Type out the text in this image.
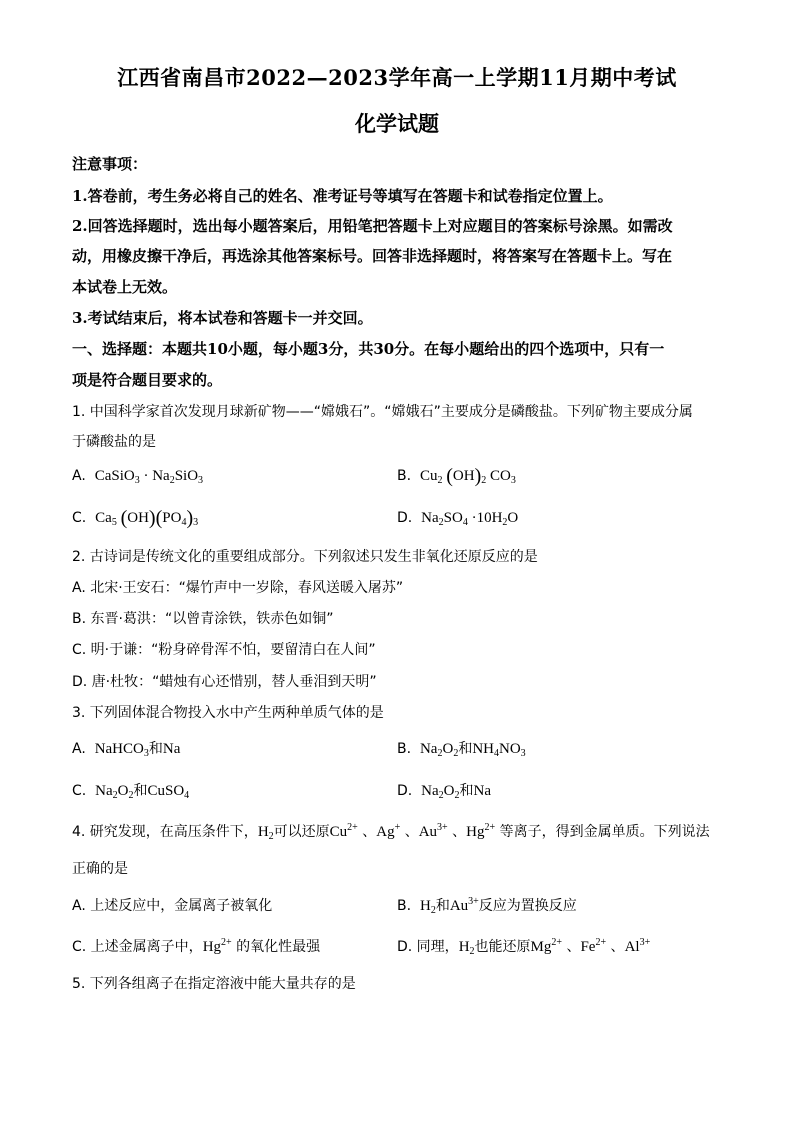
江西省南昌市2022—2023学年高一上学期11月期中考试
化学试题
注意事项：
1.答卷前，考生务必将自己的姓名、准考证号等填写在答题卡和试卷指定位置上。
2.回答选择题时，选出每小题答案后，用铅笔把答题卡上对应题目的答案标号涂黑。如需改
动，用橡皮擦干净后，再选涂其他答案标号。回答非选择题时，将答案写在答题卡上。写在
本试卷上无效。
3.考试结束后，将本试卷和答题卡一并交回。
一、选择题：本题共10小题，每小题3分，共30分。在每小题给出的四个选项中，只有一
项是符合题目要求的。
1. 中国科学家首次发现月球新矿物——“嫦娥石”。“嫦娥石”主要成分是磷酸盐。下列矿物主要成分属
于磷酸盐的是
A. CaSiO$_3$ · $Na_2SiO_3$	B. $Cu_2$ $(OH)_2$ $CO_3$
C. $Ca_5$ $(OH)(PO_4)_3$	D. $Na_2SO_4 \cdot 10H_2O$
2. 古诗词是传统文化的重要组成部分。下列叙述只发生非氧化还原反应的是
A. 北宋·王安石：“爆竹声中一岁除，春风送暖入屠苏”
B. 东晋·葛洪：“以曾青涂铁，铁赤色如铜”
C. 明·于谦：“粉身碎骨浑不怕，要留清白在人间”
D. 唐·杜牧：“蜡烛有心还惜别，替人垂泪到天明”
3. 下列固体混合物投入水中产生两种单质气体的是
A. NaHCO$_3$和Na	B. $Na_2O_2$和$NH_4NO_3$
C. $Na_2O_2$和CuSO$_4$	D. $Na_2O_2$和Na
4. 研究发现，在高压条件下，$H_2$可以还原$Cu^{2+}$ 、Ag+ 、$Au^{3+}$ 、$Hg^{2+}$ 等离子，得到金属单质。下列说法
正确的是
A. 上述反应中，金属离子被氧化	B. $H_2$和$Au^{3+}$反应为置换反应
C. 上述金属离子中，$Hg^{2+}$ 的氧化性最强	D. 同理，$H_2$也能还原$Mg^{2+}$ 、$Fe^{2+}$ 、$Al^{3+}$
5. 下列各组离子在指定溶液中能大量共存的是
